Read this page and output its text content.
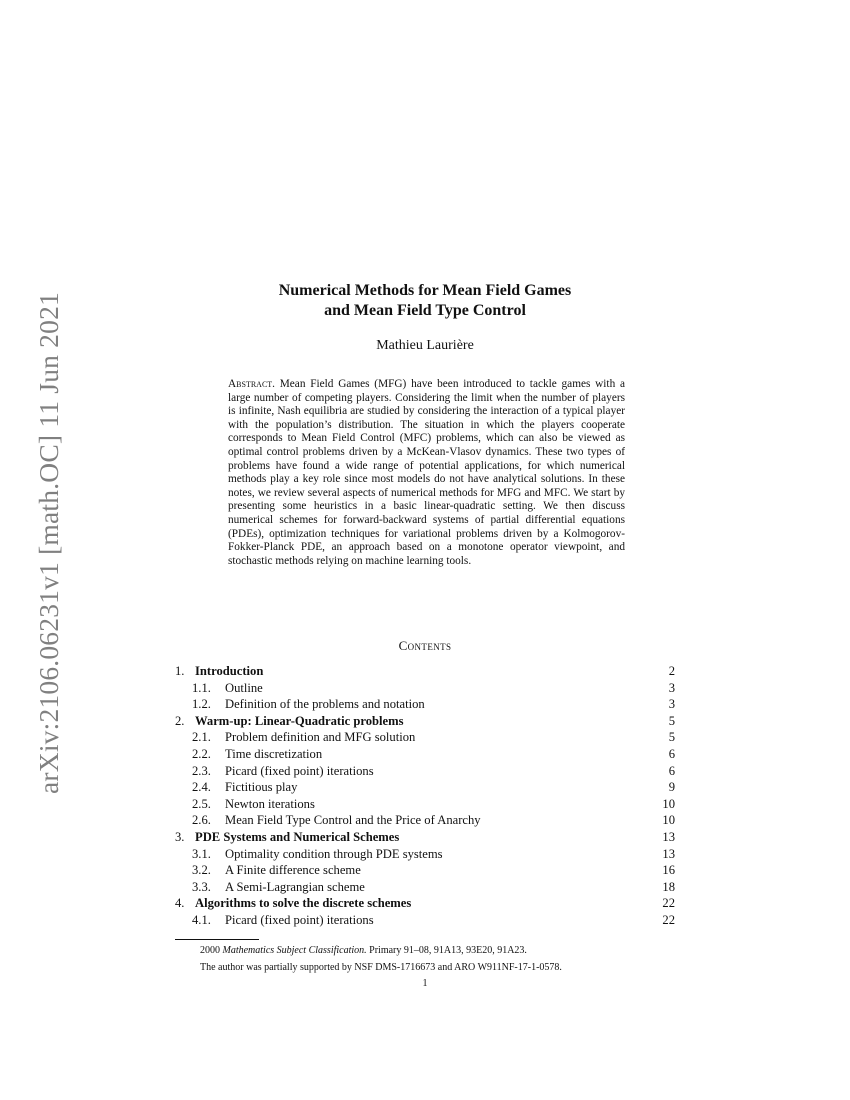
arXiv:2106.06231v1 [math.OC] 11 Jun 2021
Numerical Methods for Mean Field Games
and Mean Field Type Control
Mathieu Laurière
Abstract. Mean Field Games (MFG) have been introduced to tackle games with a large number of competing players. Considering the limit when the number of players is infinite, Nash equilibria are studied by considering the interaction of a typical player with the population’s distribution. The situation in which the players cooperate corresponds to Mean Field Control (MFC) problems, which can also be viewed as optimal control problems driven by a McKean-Vlasov dynamics. These two types of problems have found a wide range of potential applications, for which numerical methods play a key role since most models do not have analytical solutions. In these notes, we review several aspects of numerical methods for MFG and MFC. We start by presenting some heuristics in a basic linear-quadratic setting. We then discuss numerical schemes for forward-backward systems of partial differential equations (PDEs), optimization techniques for variational problems driven by a Kolmogorov-Fokker-Planck PDE, an approach based on a monotone operator viewpoint, and stochastic methods relying on machine learning tools.
Contents
1. Introduction	2
1.1. Outline	3
1.2. Definition of the problems and notation	3
2. Warm-up: Linear-Quadratic problems	5
2.1. Problem definition and MFG solution	5
2.2. Time discretization	6
2.3. Picard (fixed point) iterations	6
2.4. Fictitious play	9
2.5. Newton iterations	10
2.6. Mean Field Type Control and the Price of Anarchy	10
3. PDE Systems and Numerical Schemes	13
3.1. Optimality condition through PDE systems	13
3.2. A Finite difference scheme	16
3.3. A Semi-Lagrangian scheme	18
4. Algorithms to solve the discrete schemes	22
4.1. Picard (fixed point) iterations	22
2000 Mathematics Subject Classification. Primary 91–08, 91A13, 93E20, 91A23.
The author was partially supported by NSF DMS-1716673 and ARO W911NF-17-1-0578.
1
